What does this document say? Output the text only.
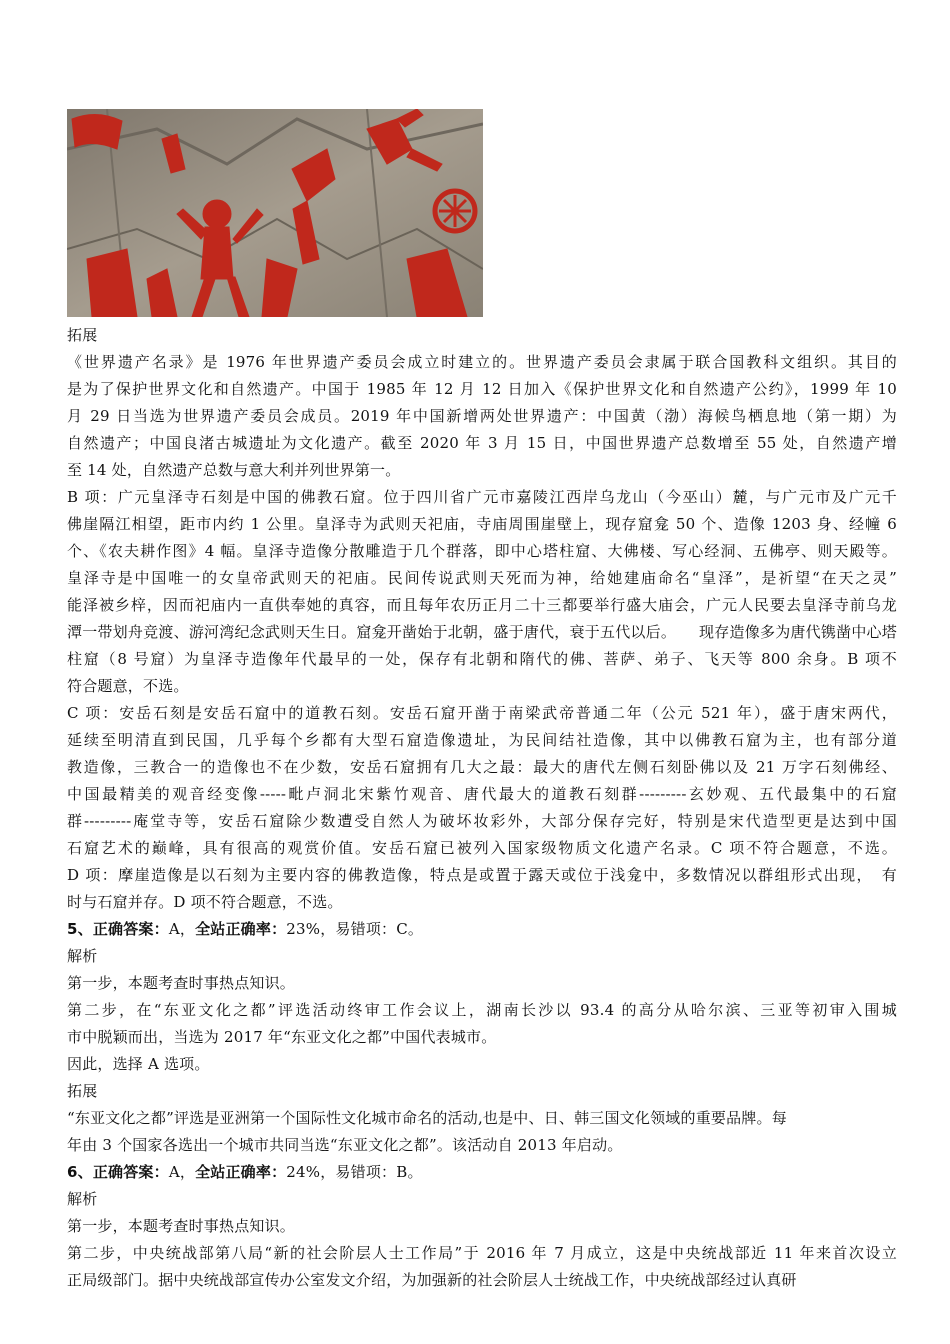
拓展
《世界遗产名录》是 1976 年世界遗产委员会成立时建立的。世界遗产委员会隶属于联合国教科文组织。其目的
是为了保护世界文化和自然遗产。中国于 1985 年 12 月 12 日加入《保护世界文化和自然遗产公约》，1999 年 10
月 29 日当选为世界遗产委员会成员。2019 年中国新增两处世界遗产：中国黄（渤）海候鸟栖息地（第一期）为
自然遗产；中国良渚古城遗址为文化遗产。截至 2020 年 3 月 15 日，中国世界遗产总数增至 55 处，自然遗产增
至 14 处，自然遗产总数与意大利并列世界第一。
B 项：广元皇泽寺石刻是中国的佛教石窟。位于四川省广元市嘉陵江西岸乌龙山（今巫山）麓，与广元市及广元千
佛崖隔江相望，距市内约 1 公里。皇泽寺为武则天祀庙，寺庙周围崖壁上，现存窟龛 50 个、造像 1203 身、经幢 6
个、《农夫耕作图》4 幅。皇泽寺造像分散雕造于几个群落，即中心塔柱窟、大佛楼、写心经洞、五佛亭、则天殿等。
皇泽寺是中国唯一的女皇帝武则天的祀庙。民间传说武则天死而为神，给她建庙命名“皇泽”，是祈望“在天之灵”
能泽被乡梓，因而祀庙内一直供奉她的真容，而且每年农历正月二十三都要举行盛大庙会，广元人民要去皇泽寺前乌龙
潭一带划舟竞渡、游河湾纪念武则天生日。窟龛开凿始于北朝，盛于唐代，衰于五代以后。　　现存造像多为唐代镌凿中心塔
柱窟（8 号窟）为皇泽寺造像年代最早的一处，保存有北朝和隋代的佛、菩萨、弟子、飞天等 800 余身。B 项不
符合题意，不选。
C 项：安岳石刻是安岳石窟中的道教石刻。安岳石窟开凿于南梁武帝普通二年（公元 521 年），盛于唐宋两代，
延续至明清直到民国，几乎每个乡都有大型石窟造像遗址，为民间结社造像，其中以佛教石窟为主，也有部分道
教造像，三教合一的造像也不在少数，安岳石窟拥有几大之最：最大的唐代左侧石刻卧佛以及 21 万字石刻佛经、
中国最精美的观音经变像-----毗卢洞北宋紫竹观音、唐代最大的道教石刻群---------玄妙观、五代最集中的石窟
群---------庵堂寺等，安岳石窟除少数遭受自然人为破坏妆彩外，大部分保存完好，特别是宋代造型更是达到中国
石窟艺术的巅峰，具有很高的观赏价值。安岳石窟已被列入国家级物质文化遗产名录。C 项不符合题意，不选。
D 项：摩崖造像是以石刻为主要内容的佛教造像，特点是或置于露天或位于浅龛中，多数情况以群组形式出现，　有
时与石窟并存。D 项不符合题意，不选。
5、正确答案：A，全站正确率：23%，易错项：C。
解析
第一步，本题考查时事热点知识。
第二步，在“东亚文化之都”评选活动终审工作会议上，湖南长沙以 93.4 的高分从哈尔滨、三亚等初审入围城
市中脱颖而出，当选为 2017 年“东亚文化之都”中国代表城市。
因此，选择 A 选项。
拓展
“东亚文化之都”评选是亚洲第一个国际性文化城市命名的活动,也是中、日、韩三国文化领域的重要品牌。每
年由 3 个国家各选出一个城市共同当选“东亚文化之都”。该活动自 2013 年启动。
6、正确答案：A，全站正确率：24%，易错项：B。
解析
第一步，本题考查时事热点知识。
第二步，中央统战部第八局“新的社会阶层人士工作局”于 2016 年 7 月成立，这是中央统战部近 11 年来首次设立
正局级部门。据中央统战部宣传办公室发文介绍，为加强新的社会阶层人士统战工作，中央统战部经过认真研
